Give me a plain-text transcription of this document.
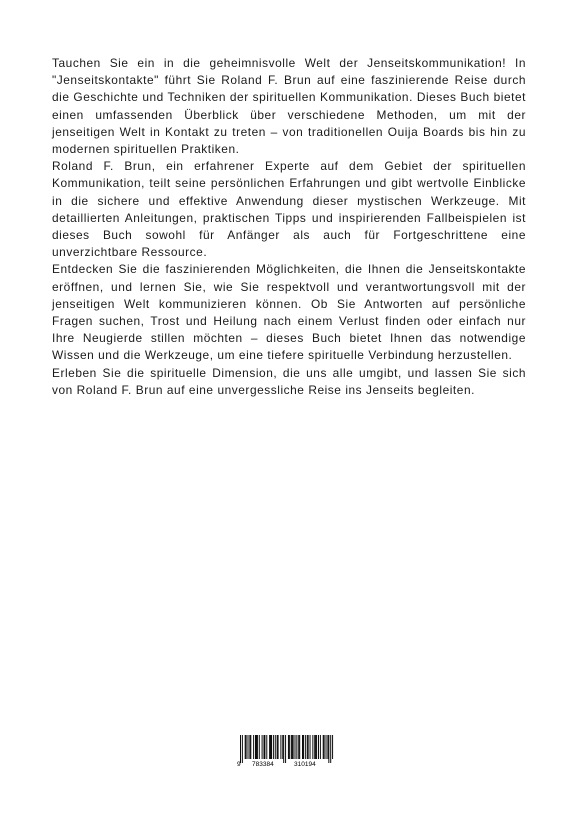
Tauchen Sie ein in die geheimnisvolle Welt der Jenseitskommunikation! In "Jenseitskontakte" führt Sie Roland F. Brun auf eine faszinierende Reise durch die Geschichte und Techniken der spirituellen Kommunikation. Dieses Buch bietet einen umfassenden Überblick über verschiedene Methoden, um mit der jenseitigen Welt in Kontakt zu treten – von traditionellen Ouija Boards bis hin zu modernen spirituellen Praktiken.

Roland F. Brun, ein erfahrener Experte auf dem Gebiet der spirituellen Kommunikation, teilt seine persönlichen Erfahrungen und gibt wertvolle Einblicke in die sichere und effektive Anwendung dieser mystischen Werkzeuge. Mit detaillierten Anleitungen, praktischen Tipps und inspirierenden Fallbeispielen ist dieses Buch sowohl für Anfänger als auch für Fortgeschrittene eine unverzichtbare Ressource.

Entdecken Sie die faszinierenden Möglichkeiten, die Ihnen die Jenseitskontakte eröffnen, und lernen Sie, wie Sie respektvoll und verantwortungsvoll mit der jenseitigen Welt kommunizieren können. Ob Sie Antworten auf persönliche Fragen suchen, Trost und Heilung nach einem Verlust finden oder einfach nur Ihre Neugierde stillen möchten – dieses Buch bietet Ihnen das notwendige Wissen und die Werkzeuge, um eine tiefere spirituelle Verbindung herzustellen.

Erleben Sie die spirituelle Dimension, die uns alle umgibt, und lassen Sie sich von Roland F. Brun auf eine unvergessliche Reise ins Jenseits begleiten.

9 783384	310194
